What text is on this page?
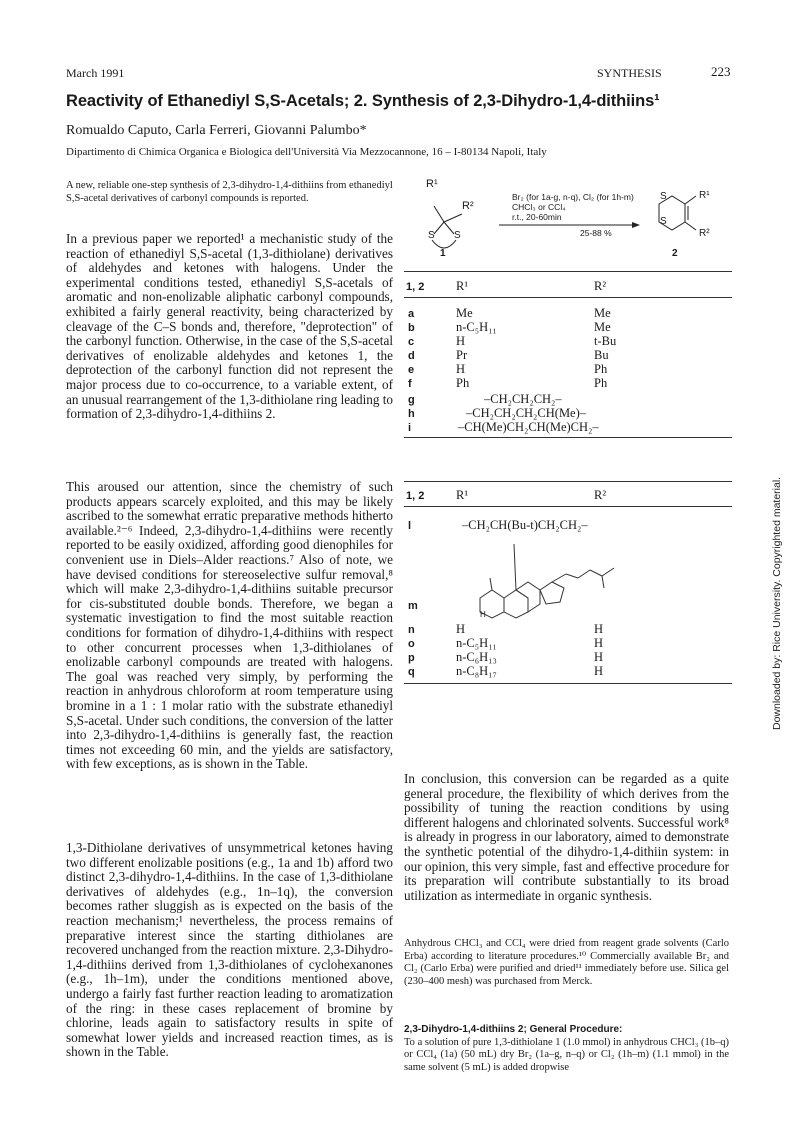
March 1991	SYNTHESIS	223
Reactivity of Ethanediyl S,S-Acetals; 2. Synthesis of 2,3-Dihydro-1,4-dithiins¹
Romualdo Caputo, Carla Ferreri, Giovanni Palumbo*
Dipartimento di Chimica Organica e Biologica dell'Università Via Mezzocannone, 16 – I-80134 Napoli, Italy
A new, reliable one-step synthesis of 2,3-dihydro-1,4-dithiins from ethanediyl S,S-acetal derivatives of carbonyl compounds is reported.

In a previous paper we reported¹ a mechanistic study of the reaction of ethanediyl S,S-acetal (1,3-dithiolane) derivatives of aldehydes and ketones with halogens. Under the experimental conditions tested, ethanediyl S,S-acetals of aromatic and non-enolizable aliphatic carbonyl compounds, exhibited a fairly general reactivity, being characterized by cleavage of the C–S bonds and, therefore, "deprotection" of the carbonyl function. Otherwise, in the case of the S,S-acetal derivatives of enolizable aldehydes and ketones 1, the deprotection of the carbonyl function did not represent the major process due to co-occurrence, to a variable extent, of an unusual rearrangement of the 1,3-dithiolane ring leading to formation of 2,3-dihydro-1,4-dithiins 2.

This aroused our attention, since the chemistry of such products appears scarcely exploited, and this may be likely ascribed to the somewhat erratic preparative methods hitherto available.²⁻⁶ Indeed, 2,3-dihydro-1,4-dithiins were recently reported to be easily oxidized, affording good dienophiles for convenient use in Diels–Alder reactions.⁷ Also of note, we have devised conditions for stereoselective sulfur removal,⁸ which will make 2,3-dihydro-1,4-dithiins suitable precursor for cis-substituted double bonds. Therefore, we began a systematic investigation to find the most suitable reaction conditions for formation of dihydro-1,4-dithiins with respect to other concurrent processes when 1,3-dithiolanes of enolizable carbonyl compounds are treated with halogens. The goal was reached very simply, by performing the reaction in anhydrous chloroform at room temperature using bromine in a 1 : 1 molar ratio with the substrate ethanediyl S,S-acetal. Under such conditions, the conversion of the latter into 2,3-dihydro-1,4-dithiins is generally fast, the reaction times not exceeding 60 min, and the yields are satisfactory, with few exceptions, as is shown in the Table.

1,3-Dithiolane derivatives of unsymmetrical ketones having two different enolizable positions (e.g., 1a and 1b) afford two distinct 2,3-dihydro-1,4-dithiins. In the case of 1,3-dithiolane derivatives of aldehydes (e.g., 1n–1q), the conversion becomes rather sluggish as is expected on the basis of the reaction mechanism;¹ nevertheless, the process remains of preparative interest since the starting dithiolanes are recovered unchanged from the reaction mixture. 2,3-Dihydro-1,4-dithiins derived from 1,3-dithiolanes of cyclohexanones (e.g., 1h–1m), under the conditions mentioned above, undergo a fairly fast further reaction leading to aromatization of the ring: in these cases replacement of bromine by chlorine, leads again to satisfactory results in spite of somewhat lower yields and increased reaction times, as is shown in the Table.

R¹
R²
S S
Br₂ (for 1a-g, n-q), Cl₂ (for 1h-m)
CHCl₃ or CCl₄
r.t., 20-60min
25-88 %
1	2
R¹
R²
S
S
1, 2	R¹	R²
a	Me	Me
b	n-C₅H₁₁	Me
c	H	t-Bu
d	Pr	Bu
e	H	Ph
f	Ph	Ph
g	–CH₂CH₂CH₂–
h	–CH₂CH₂CH₂CH(Me)–
i	–CH(Me)CH₂CH(Me)CH₂–
1, 2	R¹	R²
l	–CH₂CH(Bu-t)CH₂CH₂–
m
H
n	H	H
o	n-C₅H₁₁	H
p	n-C₆H₁₃	H
q	n-C₈H₁₇	H

In conclusion, this conversion can be regarded as a quite general procedure, the flexibility of which derives from the possibility of tuning the reaction conditions by using different halogens and chlorinated solvents. Successful work⁸ is already in progress in our laboratory, aimed to demonstrate the synthetic potential of the dihydro-1,4-dithiin system: in our opinion, this very simple, fast and effective procedure for its preparation will contribute substantially to its broad utilization as intermediate in organic synthesis.

Anhydrous CHCl₃ and CCl₄ were dried from reagent grade solvents (Carlo Erba) according to literature procedures.¹⁰ Commercially available Br₂ and Cl₂ (Carlo Erba) were purified and dried¹¹ immediately before use. Silica gel (230–400 mesh) was purchased from Merck.
2,3-Dihydro-1,4-dithiins 2; General Procedure:
To a solution of pure 1,3-dithiolane 1 (1.0 mmol) in anhydrous CHCl₃ (1b–q) or CCl₄ (1a) (50 mL) dry Br₂ (1a–g, n–q) or Cl₂ (1h–m) (1.1 mmol) in the same solvent (5 mL) is added dropwise
Downloaded by: Rice University. Copyrighted material.
